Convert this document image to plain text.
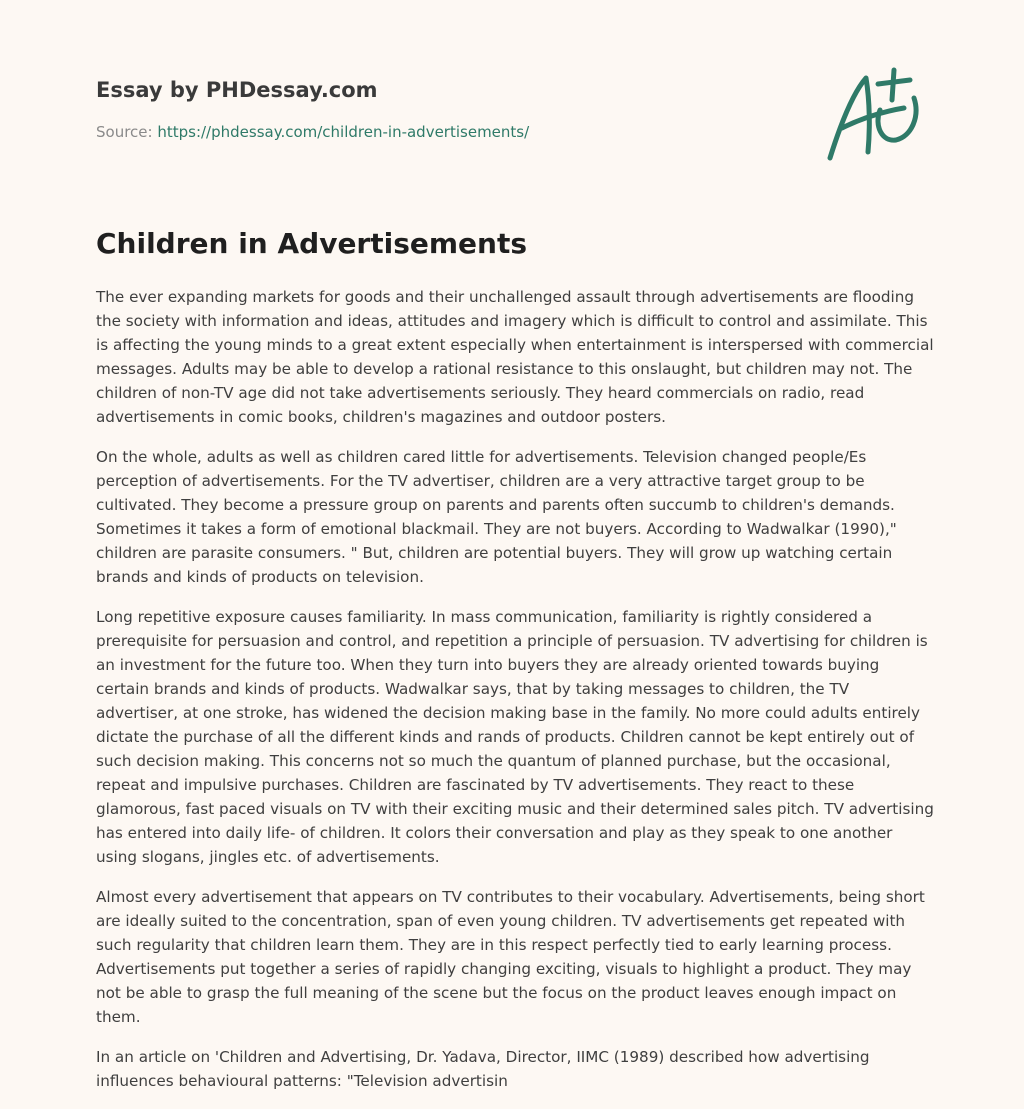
Essay by PHDessay.com
Source: https://phdessay.com/children-in-advertisements/
Children in Advertisements

The ever expanding markets for goods and their unchallenged assault through advertisements are flooding the society with information and ideas, attitudes and imagery which is difficult to control and assimilate. This is affecting the young minds to a great extent especially when entertainment is interspersed with commercial messages. Adults may be able to develop a rational resistance to this onslaught, but children may not. The children of non-TV age did not take advertisements seriously. They heard commercials on radio, read advertisements in comic books, children's magazines and outdoor posters.

On the whole, adults as well as children cared little for advertisements. Television changed people/Es perception of advertisements. For the TV advertiser, children are a very attractive target group to be cultivated. They become a pressure group on parents and parents often succumb to children's demands. Sometimes it takes a form of emotional blackmail. They are not buyers. According to Wadwalkar (1990)," children are parasite consumers. " But, children are potential buyers. They will grow up watching certain brands and kinds of products on television.

Long repetitive exposure causes familiarity. In mass communication, familiarity is rightly considered a prerequisite for persuasion and control, and repetition a principle of persuasion. TV advertising for children is an investment for the future too. When they turn into buyers they are already oriented towards buying certain brands and kinds of products. Wadwalkar says, that by taking messages to children, the TV advertiser, at one stroke, has widened the decision making base in the family. No more could adults entirely dictate the purchase of all the different kinds and rands of products. Children cannot be kept entirely out of such decision making. This concerns not so much the quantum of planned purchase, but the occasional, repeat and impulsive purchases. Children are fascinated by TV advertisements. They react to these glamorous, fast paced visuals on TV with their exciting music and their determined sales pitch. TV advertising has entered into daily life- of children. It colors their conversation and play as they speak to one another using slogans, jingles etc. of advertisements.

Almost every advertisement that appears on TV contributes to their vocabulary. Advertisements, being short are ideally suited to the concentration, span of even young children. TV advertisements get repeated with such regularity that children learn them. They are in this respect perfectly tied to early learning process. Advertisements put together a series of rapidly changing exciting, visuals to highlight a product. They may not be able to grasp the full meaning of the scene but the focus on the product leaves enough impact on them.

In an article on 'Children and Advertising, Dr. Yadava, Director, IIMC (1989) described how advertising influences behavioural patterns: "Television advertisin
